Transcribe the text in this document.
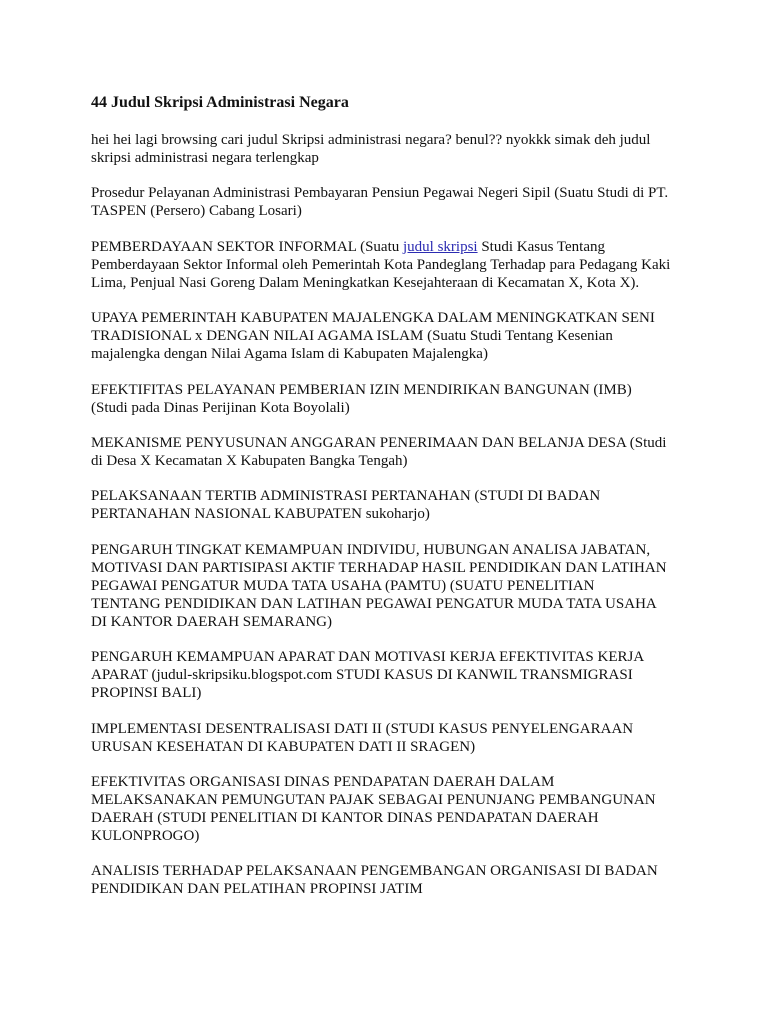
44 Judul Skripsi Administrasi Negara
hei hei lagi browsing cari judul Skripsi administrasi negara? benul?? nyokkk simak deh judul
skripsi administrasi negara terlengkap
Prosedur Pelayanan Administrasi Pembayaran Pensiun Pegawai Negeri Sipil (Suatu Studi di PT.
TASPEN (Persero) Cabang Losari)
PEMBERDAYAAN SEKTOR INFORMAL (Suatu judul skripsi Studi Kasus Tentang
Pemberdayaan Sektor Informal oleh Pemerintah Kota Pandeglang Terhadap para Pedagang Kaki
Lima, Penjual Nasi Goreng Dalam Meningkatkan Kesejahteraan di Kecamatan X, Kota X).
UPAYA PEMERINTAH KABUPATEN MAJALENGKA DALAM MENINGKATKAN SENI
TRADISIONAL x DENGAN NILAI AGAMA ISLAM (Suatu Studi Tentang Kesenian
majalengka dengan Nilai Agama Islam di Kabupaten Majalengka)
EFEKTIFITAS PELAYANAN PEMBERIAN IZIN MENDIRIKAN BANGUNAN (IMB)
(Studi pada Dinas Perijinan Kota Boyolali)
MEKANISME PENYUSUNAN ANGGARAN PENERIMAAN DAN BELANJA DESA (Studi
di Desa X Kecamatan X Kabupaten Bangka Tengah)
PELAKSANAAN TERTIB ADMINISTRASI PERTANAHAN (STUDI DI BADAN
PERTANAHAN NASIONAL KABUPATEN sukoharjo)
PENGARUH TINGKAT KEMAMPUAN INDIVIDU, HUBUNGAN ANALISA JABATAN,
MOTIVASI DAN PARTISIPASI AKTIF TERHADAP HASIL PENDIDIKAN DAN LATIHAN
PEGAWAI PENGATUR MUDA TATA USAHA (PAMTU) (SUATU PENELITIAN
TENTANG PENDIDIKAN DAN LATIHAN PEGAWAI PENGATUR MUDA TATA USAHA
DI KANTOR DAERAH SEMARANG)
PENGARUH KEMAMPUAN APARAT DAN MOTIVASI KERJA EFEKTIVITAS KERJA
APARAT (judul-skripsiku.blogspot.com STUDI KASUS DI KANWIL TRANSMIGRASI
PROPINSI BALI)
IMPLEMENTASI DESENTRALISASI DATI II (STUDI KASUS PENYELENGARAAN
URUSAN KESEHATAN DI KABUPATEN DATI II SRAGEN)
EFEKTIVITAS ORGANISASI DINAS PENDAPATAN DAERAH DALAM
MELAKSANAKAN PEMUNGUTAN PAJAK SEBAGAI PENUNJANG PEMBANGUNAN
DAERAH (STUDI PENELITIAN DI KANTOR DINAS PENDAPATAN DAERAH
KULONPROGO)
ANALISIS TERHADAP PELAKSANAAN PENGEMBANGAN ORGANISASI DI BADAN
PENDIDIKAN DAN PELATIHAN PROPINSI JATIM
